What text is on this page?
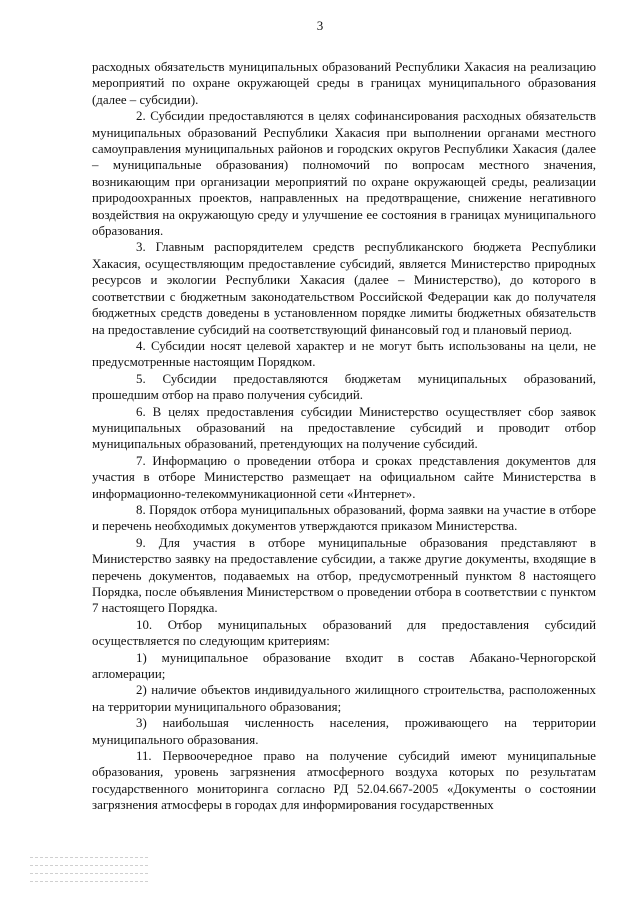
3

расходных обязательств муниципальных образований Республики Хакасия на реализацию мероприятий по охране окружающей среды в границах муниципального образования (далее – субсидии).

2. Субсидии предоставляются в целях софинансирования расходных обязательств муниципальных образований Республики Хакасия при выполнении органами местного самоуправления муниципальных районов и городских округов Республики Хакасия (далее – муниципальные образования) полномочий по вопросам местного значения, возникающим при организации мероприятий по охране окружающей среды, реализации природоохранных проектов, направленных на предотвращение, снижение негативного воздействия на окружающую среду и улучшение ее состояния в границах муниципального образования.

3. Главным распорядителем средств республиканского бюджета Республики Хакасия, осуществляющим предоставление субсидий, является Министерство природных ресурсов и экологии Республики Хакасия (далее – Министерство), до которого в соответствии с бюджетным законодательством Российской Федерации как до получателя бюджетных средств доведены в установленном порядке лимиты бюджетных обязательств на предоставление субсидий на соответствующий финансовый год и плановый период.

4. Субсидии носят целевой характер и не могут быть использованы на цели, не предусмотренные настоящим Порядком.

5. Субсидии предоставляются бюджетам муниципальных образований, прошедшим отбор на право получения субсидий.

6. В целях предоставления субсидии Министерство осуществляет сбор заявок муниципальных образований на предоставление субсидий и проводит отбор муниципальных образований, претендующих на получение субсидий.

7. Информацию о проведении отбора и сроках представления документов для участия в отборе Министерство размещает на официальном сайте Министерства в информационно-телекоммуникационной сети «Интернет».

8. Порядок отбора муниципальных образований, форма заявки на участие в отборе и перечень необходимых документов утверждаются приказом Министерства.

9. Для участия в отборе муниципальные образования представляют в Министерство заявку на предоставление субсидии, а также другие документы, входящие в перечень документов, подаваемых на отбор, предусмотренный пунктом 8 настоящего Порядка, после объявления Министерством о проведении отбора в соответствии с пунктом 7 настоящего Порядка.

10. Отбор муниципальных образований для предоставления субсидий осуществляется по следующим критериям:

1) муниципальное образование входит в состав Абакано-Черногорской агломерации;

2) наличие объектов индивидуального жилищного строительства, расположенных на территории муниципального образования;

3) наибольшая численность населения, проживающего на территории муниципального образования.

11. Первоочередное право на получение субсидий имеют муниципальные образования, уровень загрязнения атмосферного воздуха которых по результатам государственного мониторинга согласно РД 52.04.667-2005 «Документы о состоянии загрязнения атмосферы в городах для информирования государственных
